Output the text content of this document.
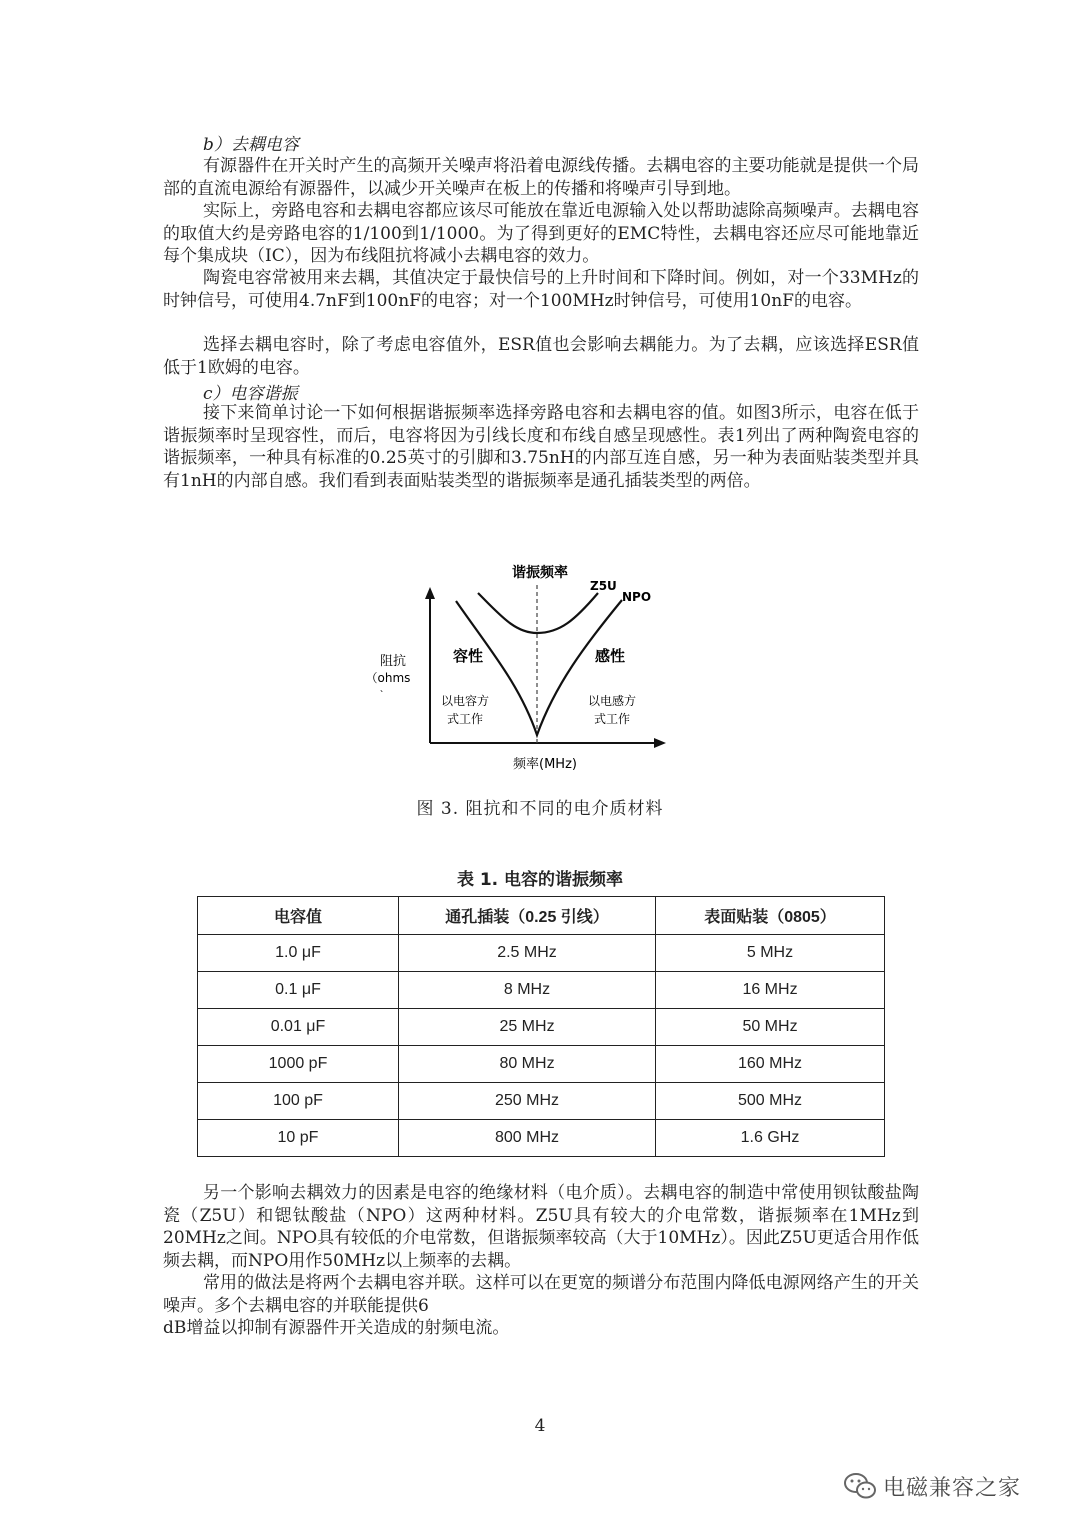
b）去耦电容

有源器件在开关时产生的高频开关噪声将沿着电源线传播。去耦电容的主要功能就是提供一个局部的直流电源给有源器件，以减少开关噪声在板上的传播和将噪声引导到地。

实际上，旁路电容和去耦电容都应该尽可能放在靠近电源输入处以帮助滤除高频噪声。去耦电容的取值大约是旁路电容的1/100到1/1000。为了得到更好的EMC特性，去耦电容还应尽可能地靠近每个集成块（IC），因为布线阻抗将减小去耦电容的效力。

陶瓷电容常被用来去耦，其值决定于最快信号的上升时间和下降时间。例如，对一个33MHz的时钟信号，可使用4.7nF到100nF的电容；对一个100MHz时钟信号，可使用10nF的电容。

选择去耦电容时，除了考虑电容值外，ESR值也会影响去耦能力。为了去耦，应该选择ESR值低于1欧姆的电容。

c）电容谐振

接下来简单讨论一下如何根据谐振频率选择旁路电容和去耦电容的值。如图3所示，电容在低于谐振频率时呈现容性，而后，电容将因为引线长度和布线自感呈现感性。表1列出了两种陶瓷电容的谐振频率，一种具有标准的0.25英寸的引脚和3.75nH的内部互连自感，另一种为表面贴装类型并具有1nH的内部自感。我们看到表面贴装类型的谐振频率是通孔插装类型的两倍。

谐振频率
Z5U
NPO
阻抗
（ohms
`
容性	感性
以电容方
式工作
以电感方
式工作
频率(MHz)
图 3. 阻抗和不同的电介质材料
表 1. 电容的谐振频率
电容值	通孔插装（0.25 引线）	表面贴装（0805）
1.0 μF	2.5 MHz	5 MHz
0.1 μF	8 MHz	16 MHz
0.01 μF	25 MHz	50 MHz
1000 pF	80 MHz	160 MHz
100 pF	250 MHz	500 MHz
10 pF	800 MHz	1.6 GHz

另一个影响去耦效力的因素是电容的绝缘材料（电介质）。去耦电容的制造中常使用钡钛酸盐陶瓷（Z5U）和锶钛酸盐（NPO）这两种材料。Z5U具有较大的介电常数，谐振频率在1MHz到20MHz之间。NPO具有较低的介电常数，但谐振频率较高（大于10MHz）。因此Z5U更适合用作低频去耦，而NPO用作50MHz以上频率的去耦。

常用的做法是将两个去耦电容并联。这样可以在更宽的频谱分布范围内降低电源网络产生的开关噪声。多个去耦电容的并联能提供6

dB增益以抑制有源器件开关造成的射频电流。

4
电磁兼容之家
